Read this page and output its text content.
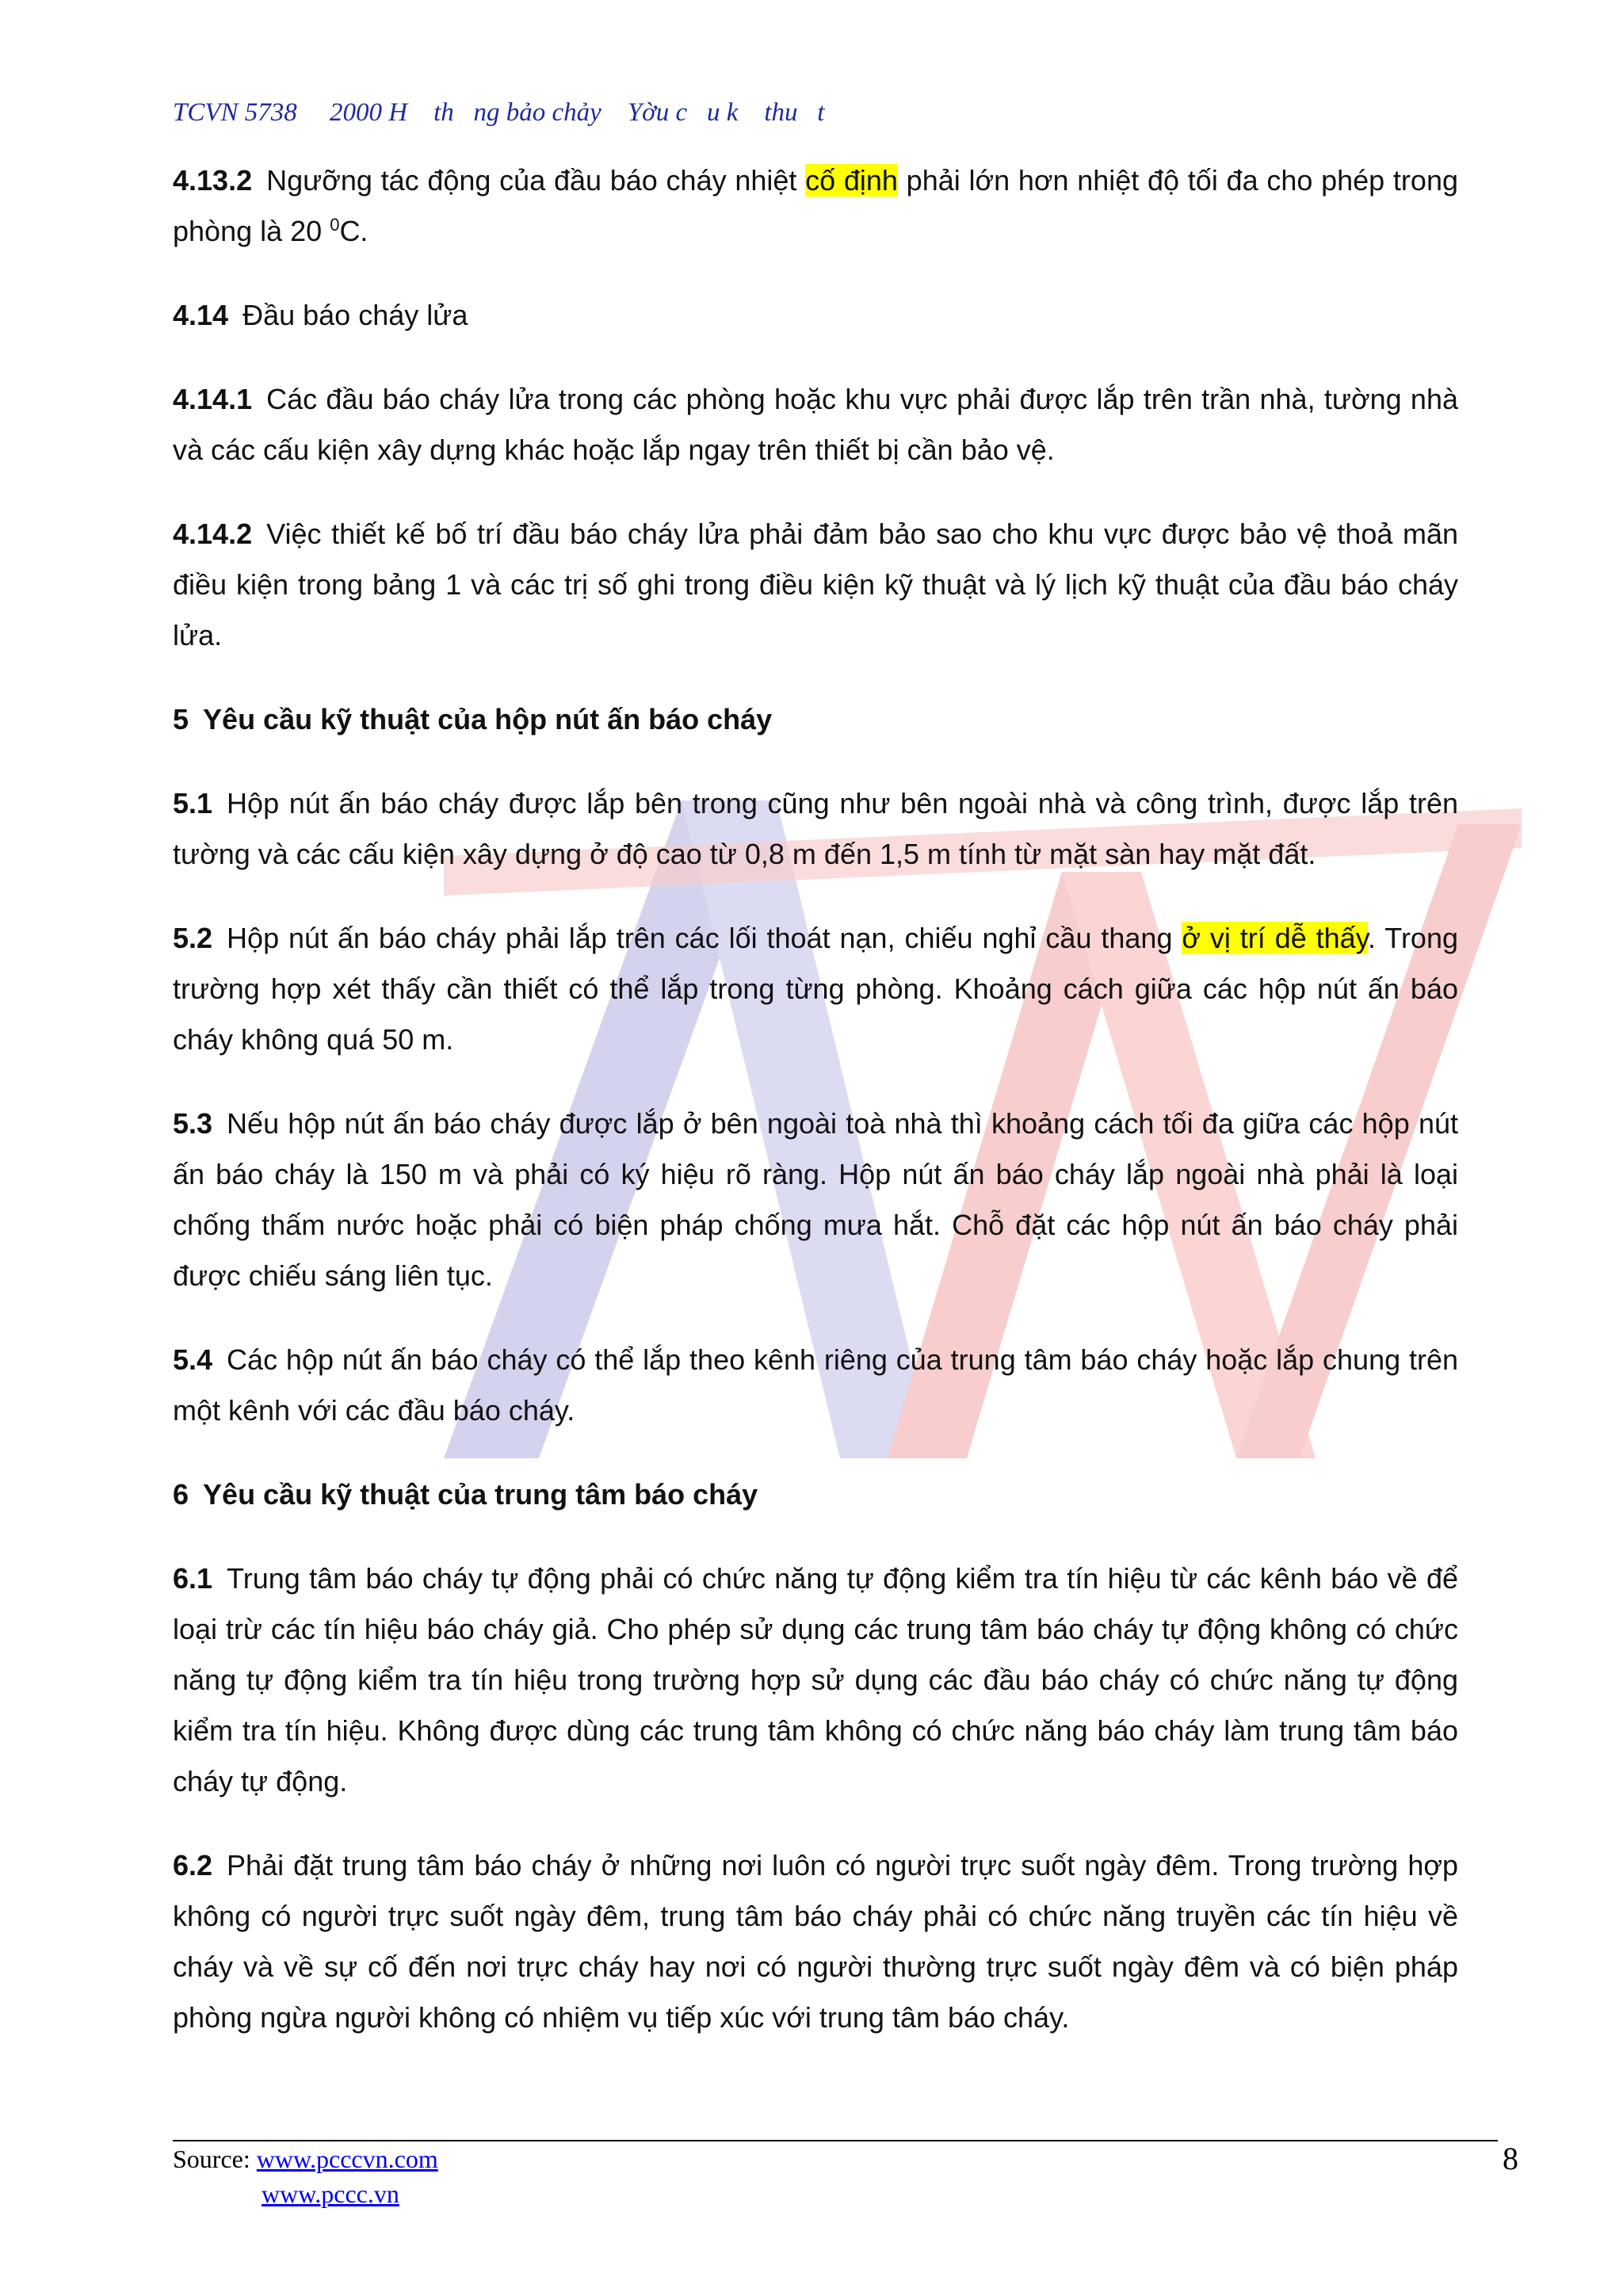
TCVN 5738     2000 H    th   ng bảo chảy    Yờu c   u k    thu   t

4.13.2 Ngưỡng tác động của đầu báo cháy nhiệt cố định phải lớn hơn nhiệt độ tối đa cho phép trong phòng là 20 $^0$C.

4.14 Đầu báo cháy lửa

4.14.1 Các đầu báo cháy lửa trong các phòng hoặc khu vực phải được lắp trên trần nhà, tường nhà và các cấu kiện xây dựng khác hoặc lắp ngay trên thiết bị cần bảo vệ.

4.14.2 Việc thiết kế bố trí đầu báo cháy lửa phải đảm bảo sao cho khu vực được bảo vệ thoả mãn điều kiện trong bảng 1 và các trị số ghi trong điều kiện kỹ thuật và lý lịch kỹ thuật của đầu báo cháy lửa.

5 Yêu cầu kỹ thuật của hộp nút ấn báo cháy

5.1 Hộp nút ấn báo cháy được lắp bên trong cũng như bên ngoài nhà và công trình, được lắp trên tường và các cấu kiện xây dựng ở độ cao từ 0,8 m đến 1,5 m tính từ mặt sàn hay mặt đất.

5.2 Hộp nút ấn báo cháy phải lắp trên các lối thoát nạn, chiếu nghỉ cầu thang ở vị trí dễ thấy. Trong trường hợp xét thấy cần thiết có thể lắp trong từng phòng. Khoảng cách giữa các hộp nút ấn báo cháy không quá 50 m.

5.3 Nếu hộp nút ấn báo cháy được lắp ở bên ngoài toà nhà thì khoảng cách tối đa giữa các hộp nút ấn báo cháy là 150 m và phải có ký hiệu rõ ràng. Hộp nút ấn báo cháy lắp ngoài nhà phải là loại chống thấm nước hoặc phải có biện pháp chống mưa hắt. Chỗ đặt các hộp nút ấn báo cháy phải được chiếu sáng liên tục.

5.4 Các hộp nút ấn báo cháy có thể lắp theo kênh riêng của trung tâm báo cháy hoặc lắp chung trên một kênh với các đầu báo cháy.

6 Yêu cầu kỹ thuật của trung tâm báo cháy

6.1 Trung tâm báo cháy tự động phải có chức năng tự động kiểm tra tín hiệu từ các kênh báo về để loại trừ các tín hiệu báo cháy giả. Cho phép sử dụng các trung tâm báo cháy tự động không có chức năng tự động kiểm tra tín hiệu trong trường hợp sử dụng các đầu báo cháy có chức năng tự động kiểm tra tín hiệu. Không được dùng các trung tâm không có chức năng báo cháy làm trung tâm báo cháy tự động.

6.2 Phải đặt trung tâm báo cháy ở những nơi luôn có người trực suốt ngày đêm. Trong trường hợp không có người trực suốt ngày đêm, trung tâm báo cháy phải có chức năng truyền các tín hiệu về cháy và về sự cố đến nơi trực cháy hay nơi có người thường trực suốt ngày đêm và có biện pháp phòng ngừa người không có nhiệm vụ tiếp xúc với trung tâm báo cháy.

Source: www.pcccvn.com
www.pccc.vn
8
